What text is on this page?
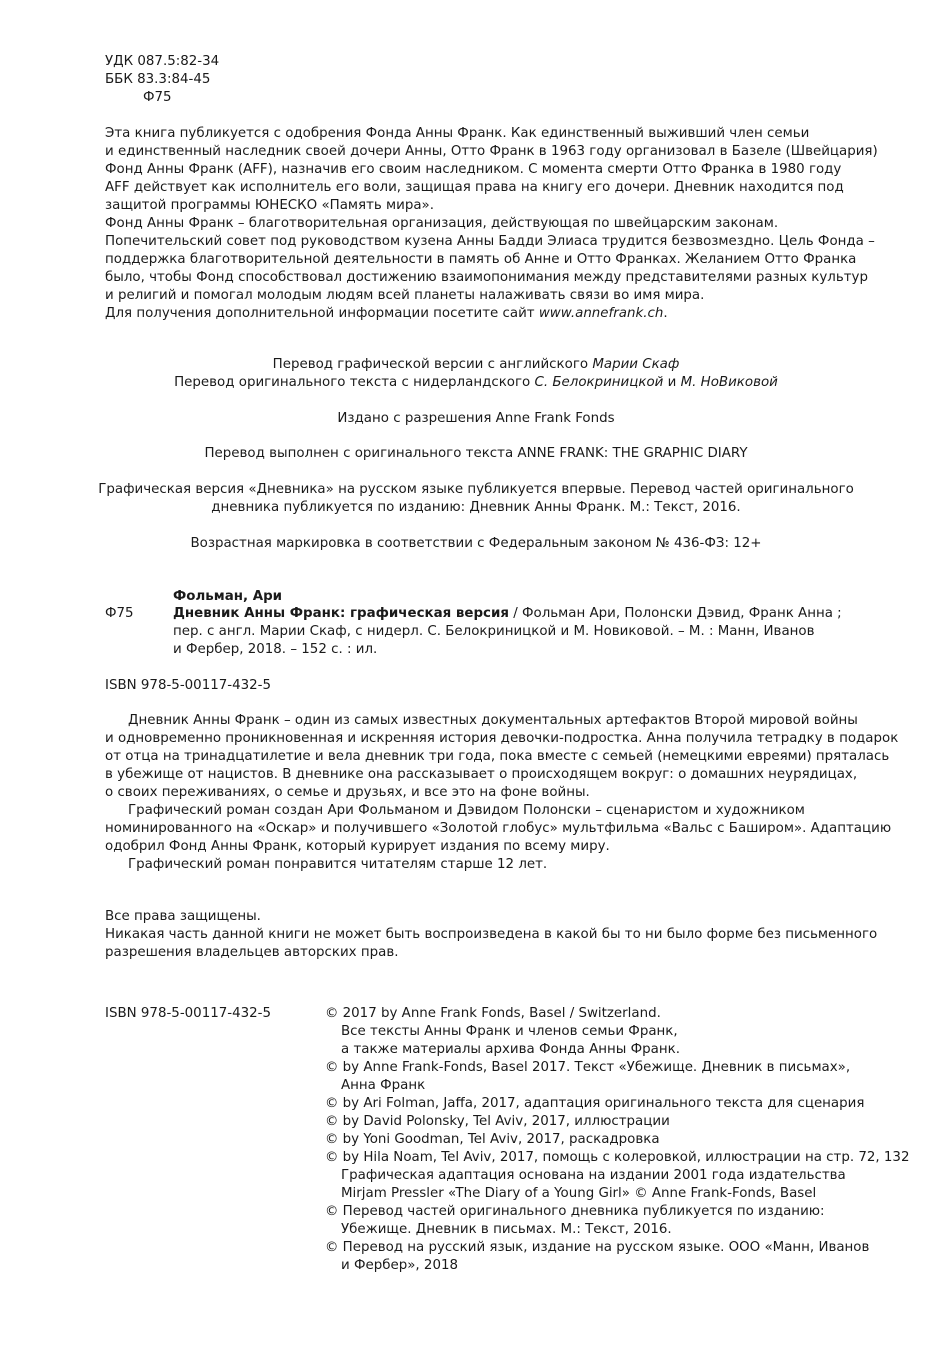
УДК 087.5:82-34
ББК 83.3:84-45
Ф75
Эта книга публикуется с одобрения Фонда Анны Франк. Как единственный выживший член семьи
и единственный наследник своей дочери Анны, Отто Франк в 1963 году организовал в Базеле (Швейцария)
Фонд Анны Франк (AFF), назначив его своим наследником. С момента смерти Отто Франка в 1980 году
AFF действует как исполнитель его воли, защищая права на книгу его дочери. Дневник находится под
защитой программы ЮНЕСКО «Память мира».
Фонд Анны Франк – благотворительная организация, действующая по швейцарским законам.
Попечительский совет под руководством кузена Анны Бадди Элиаса трудится безвозмездно. Цель Фонда –
поддержка благотворительной деятельности в память об Анне и Отто Франках. Желанием Отто Франка
было, чтобы Фонд способствовал достижению взаимопонимания между представителями разных культур
и религий и помогал молодым людям всей планеты налаживать связи во имя мира.
Для получения дополнительной информации посетите сайт www.annefrank.ch.
Перевод графической версии с английского Марии Скаф
Перевод оригинального текста с нидерландского С. Белокриницкой и М. НоВиковой
Издано с разрешения Anne Frank Fonds
Перевод выполнен с оригинального текста ANNE FRANK: THE GRAPHIC DIARY
Графическая версия «Дневника» на русском языке публикуется впервые. Перевод частей оригинального
дневника публикуется по изданию: Дневник Анны Франк. М.: Текст, 2016.
Возрастная маркировка в соответствии с Федеральным законом № 436-ФЗ: 12+
Фольман, Ари
Ф75	Дневник Анны Франк: графическая версия / Фольман Ари, Полонски Дэвид, Франк Анна ;
пер. с англ. Марии Скаф, с нидерл. С. Белокриницкой и М. Новиковой. – М. : Манн, Иванов
и Фербер, 2018. – 152 с. : ил.
ISBN 978-5-00117-432-5
Дневник Анны Франк – один из самых известных документальных артефактов Второй мировой войны
и одновременно проникновенная и искренняя история девочки-подростка. Анна получила тетрадку в подарок
от отца на тринадцатилетие и вела дневник три года, пока вместе с семьей (немецкими евреями) пряталась
в убежище от нацистов. В дневнике она рассказывает о происходящем вокруг: о домашних неурядицах,
о своих переживаниях, о семье и друзьях, и все это на фоне войны.
Графический роман создан Ари Фольманом и Дэвидом Полонски – сценаристом и художником
номинированного на «Оскар» и получившего «Золотой глобус» мультфильма «Вальс с Баширом». Адаптацию
одобрил Фонд Анны Франк, который курирует издания по всему миру.
Графический роман понравится читателям старше 12 лет.
Все права защищены.
Никакая часть данной книги не может быть воспроизведена в какой бы то ни было форме без письменного
разрешения владельцев авторских прав.
ISBN 978-5-00117-432-5	© 2017 by Anne Frank Fonds, Basel / Switzerland.
Все тексты Анны Франк и членов семьи Франк,
а также материалы архива Фонда Анны Франк.
© by Anne Frank-Fonds, Basel 2017. Текст «Убежище. Дневник в письмах»,
Анна Франк
© by Ari Folman, Jaffa, 2017, адаптация оригинального текста для сценария
© by David Polonsky, Tel Aviv, 2017, иллюстрации
© by Yoni Goodman, Tel Aviv, 2017, раскадровка
© by Hila Noam, Tel Aviv, 2017, помощь с колеровкой, иллюстрации на стр. 72, 132
Графическая адаптация основана на издании 2001 года издательства
Mirjam Pressler «The Diary of a Young Girl» © Anne Frank-Fonds, Basel
© Перевод частей оригинального дневника публикуется по изданию:
Убежище. Дневник в письмах. М.: Текст, 2016.
© Перевод на русский язык, издание на русском языке. ООО «Манн, Иванов
и Фербер», 2018
